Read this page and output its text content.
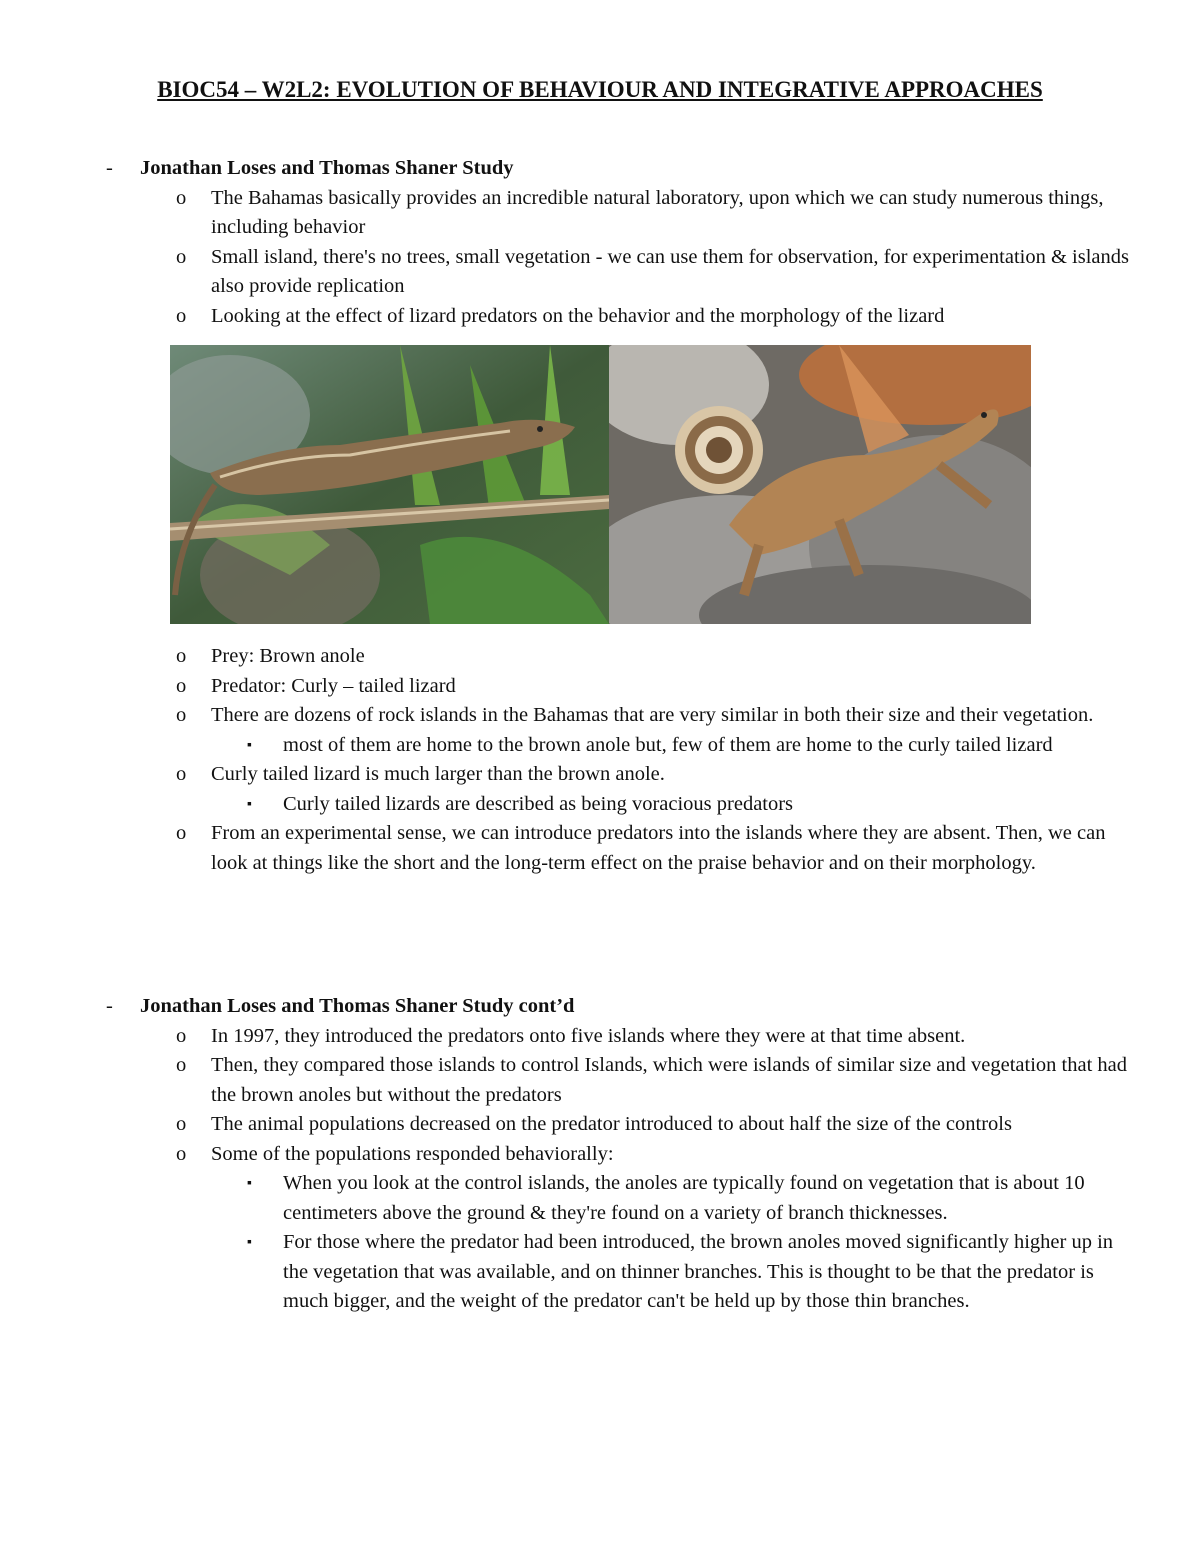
BIOC54 – W2L2: EVOLUTION OF BEHAVIOUR AND INTEGRATIVE APPROACHES
- Jonathan Loses and Thomas Shaner Study
o The Bahamas basically provides an incredible natural laboratory, upon which we can study numerous things, including behavior
o Small island, there's no trees, small vegetation - we can use them for observation, for experimentation & islands also provide replication
o Looking at the effect of lizard predators on the behavior and the morphology of the lizard
o Prey: Brown anole
o Predator: Curly – tailed lizard
o There are dozens of rock islands in the Bahamas that are very similar in both their size and their vegetation.
▪ most of them are home to the brown anole but, few of them are home to the curly tailed lizard
o Curly tailed lizard is much larger than the brown anole.
▪ Curly tailed lizards are described as being voracious predators
o From an experimental sense, we can introduce predators into the islands where they are absent. Then, we can look at things like the short and the long-term effect on the praise behavior and on their morphology.
- Jonathan Loses and Thomas Shaner Study cont’d
o In 1997, they introduced the predators onto five islands where they were at that time absent.
o Then, they compared those islands to control Islands, which were islands of similar size and vegetation that had the brown anoles but without the predators
o The animal populations decreased on the predator introduced to about half the size of the controls
o Some of the populations responded behaviorally:
▪ When you look at the control islands, the anoles are typically found on vegetation that is about 10 centimeters above the ground & they're found on a variety of branch thicknesses.
▪ For those where the predator had been introduced, the brown anoles moved significantly higher up in the vegetation that was available, and on thinner branches. This is thought to be that the predator is much bigger, and the weight of the predator can't be held up by those thin branches.
